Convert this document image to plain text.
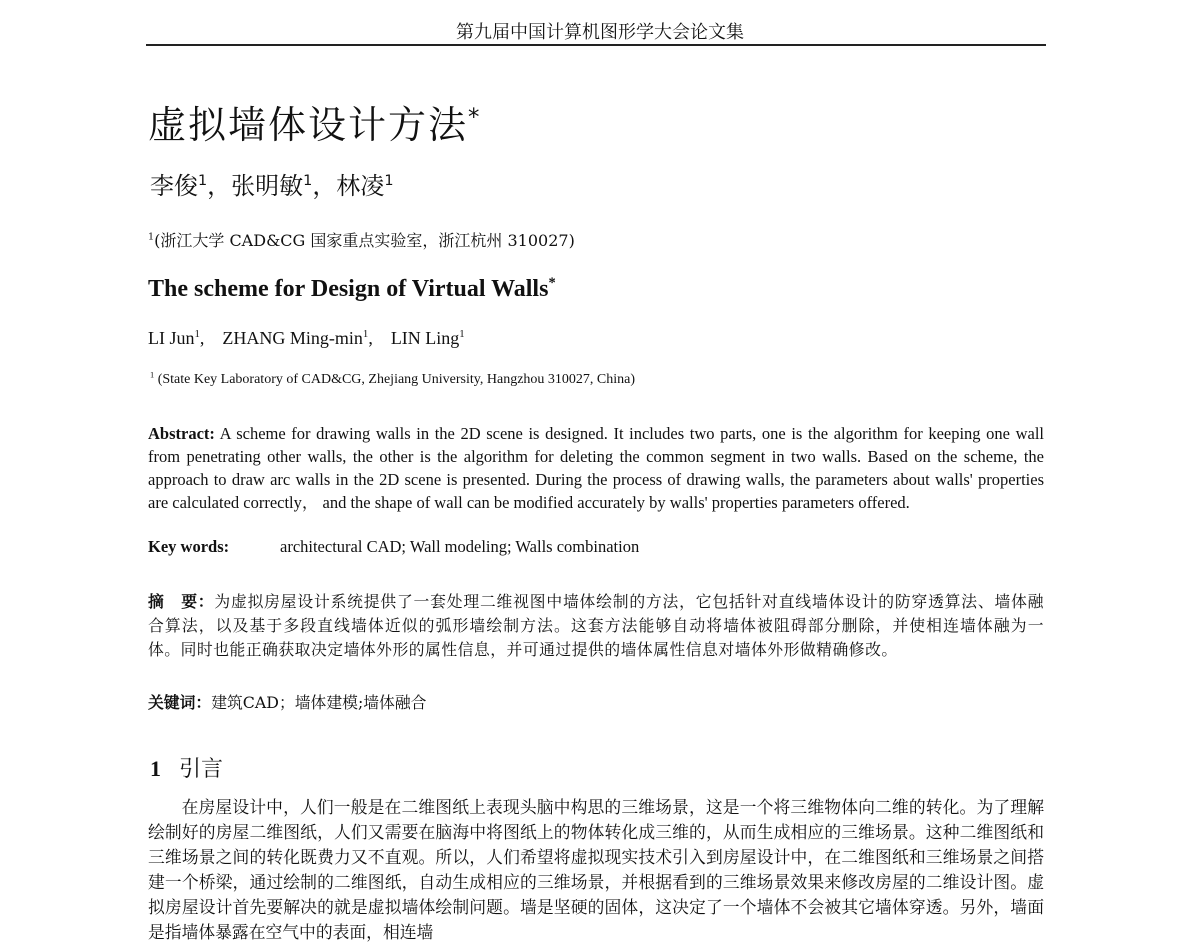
第九届中国计算机图形学大会论文集
虚拟墙体设计方法*
李俊$^1$，张明敏$^1$，林凌$^1$
$^1$(浙江大学 CAD&CG 国家重点实验室，浙江杭州 310027)
The scheme for Design of Virtual Walls*
LI Jun$^1$,    ZHANG Ming-$\min^1$,    LIN Ling$^1$
$^1$ (State Key Laboratory of CAD&CG, Zhejiang University, Hangzhou 310027, China)
Abstract: A scheme for drawing walls in the 2D scene is designed. It includes two parts, one is the algorithm for keeping one wall from penetrating other walls, the other is the algorithm for deleting the common segment in two walls. Based on the scheme, the approach to draw arc walls in the 2D scene is presented. During the process of drawing walls, the parameters about walls' properties are calculated correctly， and the shape of wall can be modified accurately by walls' properties parameters offered.
Key words:	architectural CAD; Wall modeling; Walls combination
摘　要：为虚拟房屋设计系统提供了一套处理二维视图中墙体绘制的方法，它包括针对直线墙体设计的防穿透算法、墙体融合算法，以及基于多段直线墙体近似的弧形墙绘制方法。这套方法能够自动将墙体被阻碍部分删除，并使相连墙体融为一体。同时也能正确获取决定墙体外形的属性信息，并可通过提供的墙体属性信息对墙体外形做精确修改。
关键词：建筑CAD；墙体建模;墙体融合
1 引言
在房屋设计中，人们一般是在二维图纸上表现头脑中构思的三维场景，这是一个将三维物体向二维的转化。为了理解绘制好的房屋二维图纸，人们又需要在脑海中将图纸上的物体转化成三维的，从而生成相应的三维场景。这种二维图纸和三维场景之间的转化既费力又不直观。所以，人们希望将虚拟现实技术引入到房屋设计中，在二维图纸和三维场景之间搭建一个桥梁，通过绘制的二维图纸，自动生成相应的三维场景，并根据看到的三维场景效果来修改房屋的二维设计图。虚拟房屋设计首先要解决的就是虚拟墙体绘制问题。墙是坚硬的固体，这决定了一个墙体不会被其它墙体穿透。另外，墙面是指墙体暴露在空气中的表面，相连墙
